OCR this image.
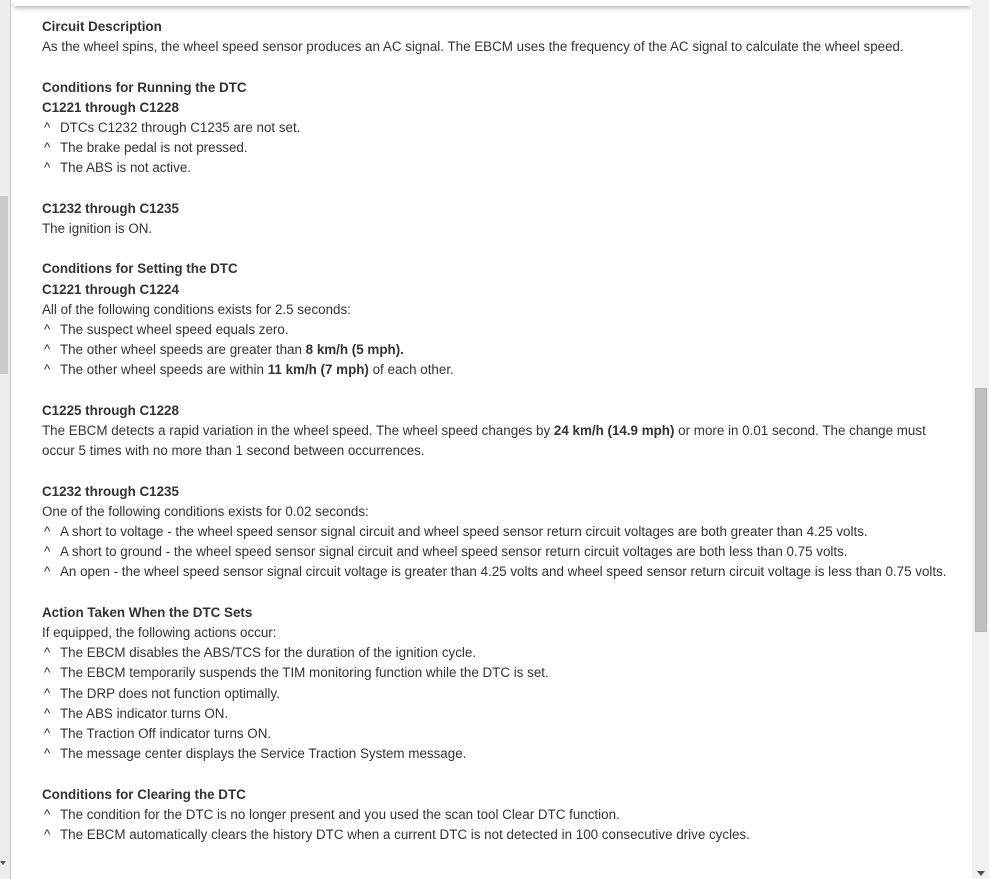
Circuit Description

As the wheel spins, the wheel speed sensor produces an AC signal. The EBCM uses the frequency of the AC signal to calculate the wheel speed.

Conditions for Running the DTC

C1221 through C1228

^ DTCs C1232 through C1235 are not set.

^ The brake pedal is not pressed.

^ The ABS is not active.

C1232 through C1235

The ignition is ON.

Conditions for Setting the DTC

C1221 through C1224

All of the following conditions exists for 2.5 seconds:

^ The suspect wheel speed equals zero.

^ The other wheel speeds are greater than 8 km/h (5 mph).

^ The other wheel speeds are within 11 km/h (7 mph) of each other.

C1225 through C1228

The EBCM detects a rapid variation in the wheel speed. The wheel speed changes by 24 km/h (14.9 mph) or more in 0.01 second. The change must occur 5 times with no more than 1 second between occurrences.

C1232 through C1235

One of the following conditions exists for 0.02 seconds:

^ A short to voltage - the wheel speed sensor signal circuit and wheel speed sensor return circuit voltages are both greater than 4.25 volts.

^ A short to ground - the wheel speed sensor signal circuit and wheel speed sensor return circuit voltages are both less than 0.75 volts.

^ An open - the wheel speed sensor signal circuit voltage is greater than 4.25 volts and wheel speed sensor return circuit voltage is less than 0.75 volts.

Action Taken When the DTC Sets

If equipped, the following actions occur:

^ The EBCM disables the ABS/TCS for the duration of the ignition cycle.

^ The EBCM temporarily suspends the TIM monitoring function while the DTC is set.

^ The DRP does not function optimally.

^ The ABS indicator turns ON.

^ The Traction Off indicator turns ON.

^ The message center displays the Service Traction System message.

Conditions for Clearing the DTC

^ The condition for the DTC is no longer present and you used the scan tool Clear DTC function.

^ The EBCM automatically clears the history DTC when a current DTC is not detected in 100 consecutive drive cycles.
